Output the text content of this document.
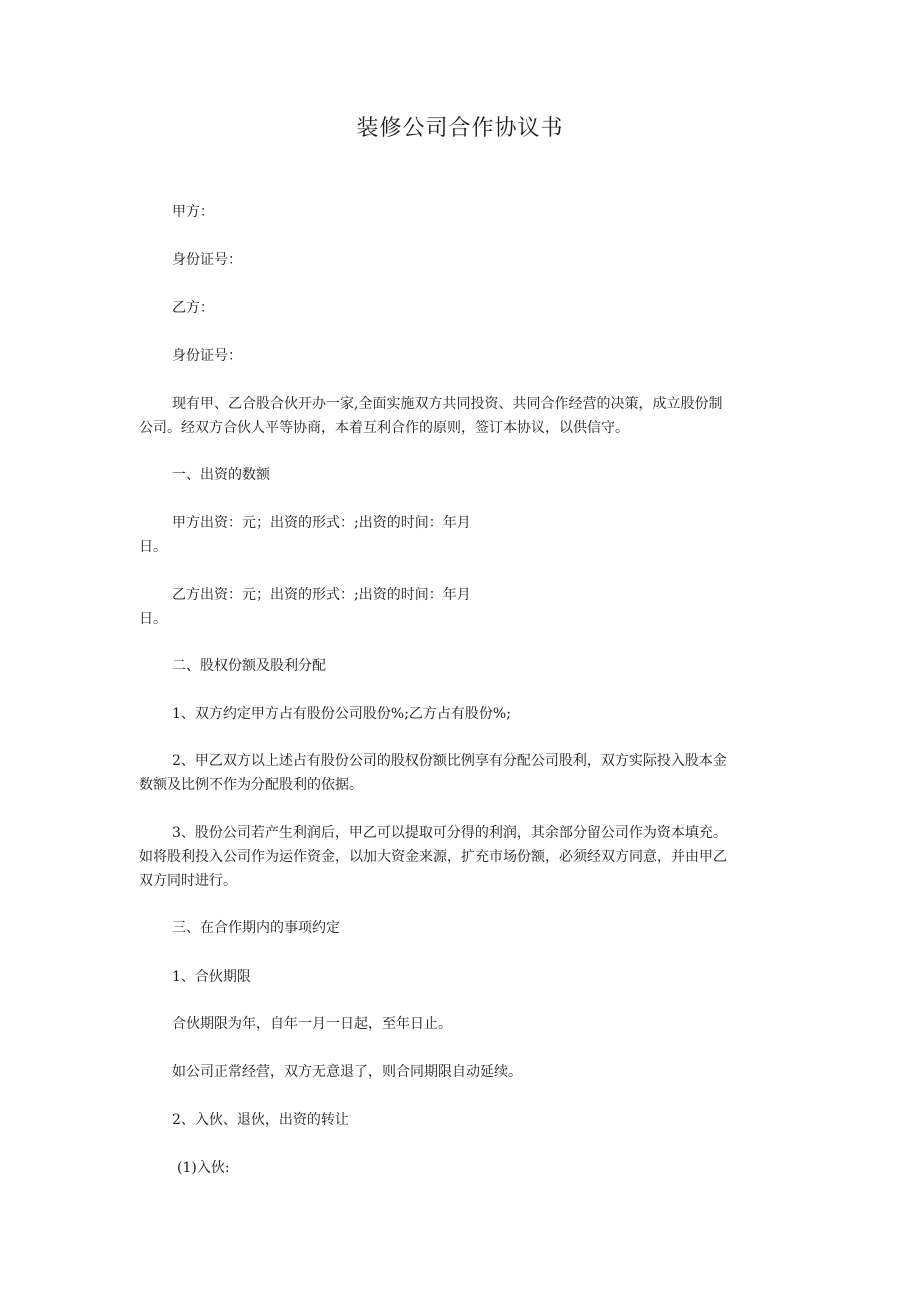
装修公司合作协议书
甲方：
身份证号：
乙方：
身份证号：
现有甲、乙合股合伙开办一家,全面实施双方共同投资、共同合作经营的决策，成立股份制
公司。经双方合伙人平等协商，本着互利合作的原则，签订本协议，以供信守。
一、出资的数额
甲方出资：元；出资的形式：;出资的时间：年月
日。
乙方出资：元；出资的形式：;出资的时间：年月
日。
二、股权份额及股利分配
1、双方约定甲方占有股份公司股份%;乙方占有股份%;
2、甲乙双方以上述占有股份公司的股权份额比例享有分配公司股利，双方实际投入股本金
数额及比例不作为分配股利的依据。
3、股份公司若产生利润后，甲乙可以提取可分得的利润，其余部分留公司作为资本填充。
如将股利投入公司作为运作资金，以加大资金来源，扩充市场份额，必须经双方同意，并由甲乙
双方同时进行。
三、在合作期内的事项约定
1、合伙期限
合伙期限为年，自年一月一日起，至年日止。
如公司正常经营，双方无意退了，则合同期限自动延续。
2、入伙、退伙，出资的转让
(1)入伙:
